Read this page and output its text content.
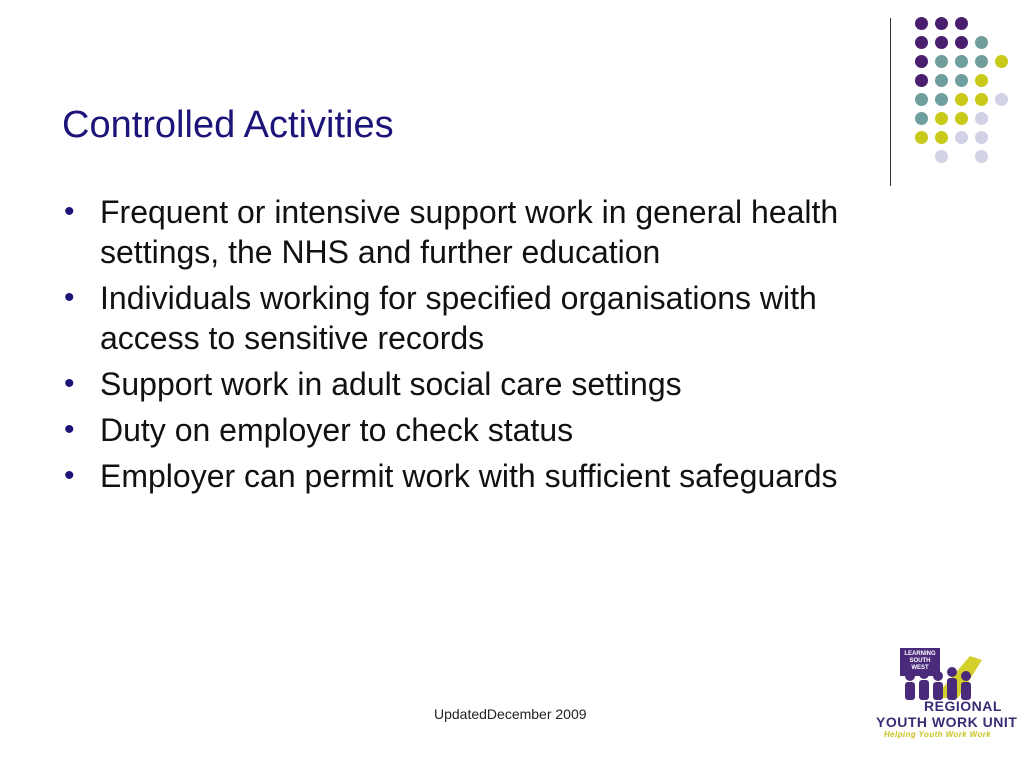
Controlled Activities
• Frequent or intensive support work in general health settings, the NHS and further education
• Individuals working for specified organisations with access to sensitive records
• Support work in adult social care settings
• Duty on employer to check status
• Employer can permit work with sufficient safeguards
UpdatedDecember 2009
LEARNING SOUTH WEST
REGIONAL
YOUTH WORK UNIT
Helping Youth Work Work
